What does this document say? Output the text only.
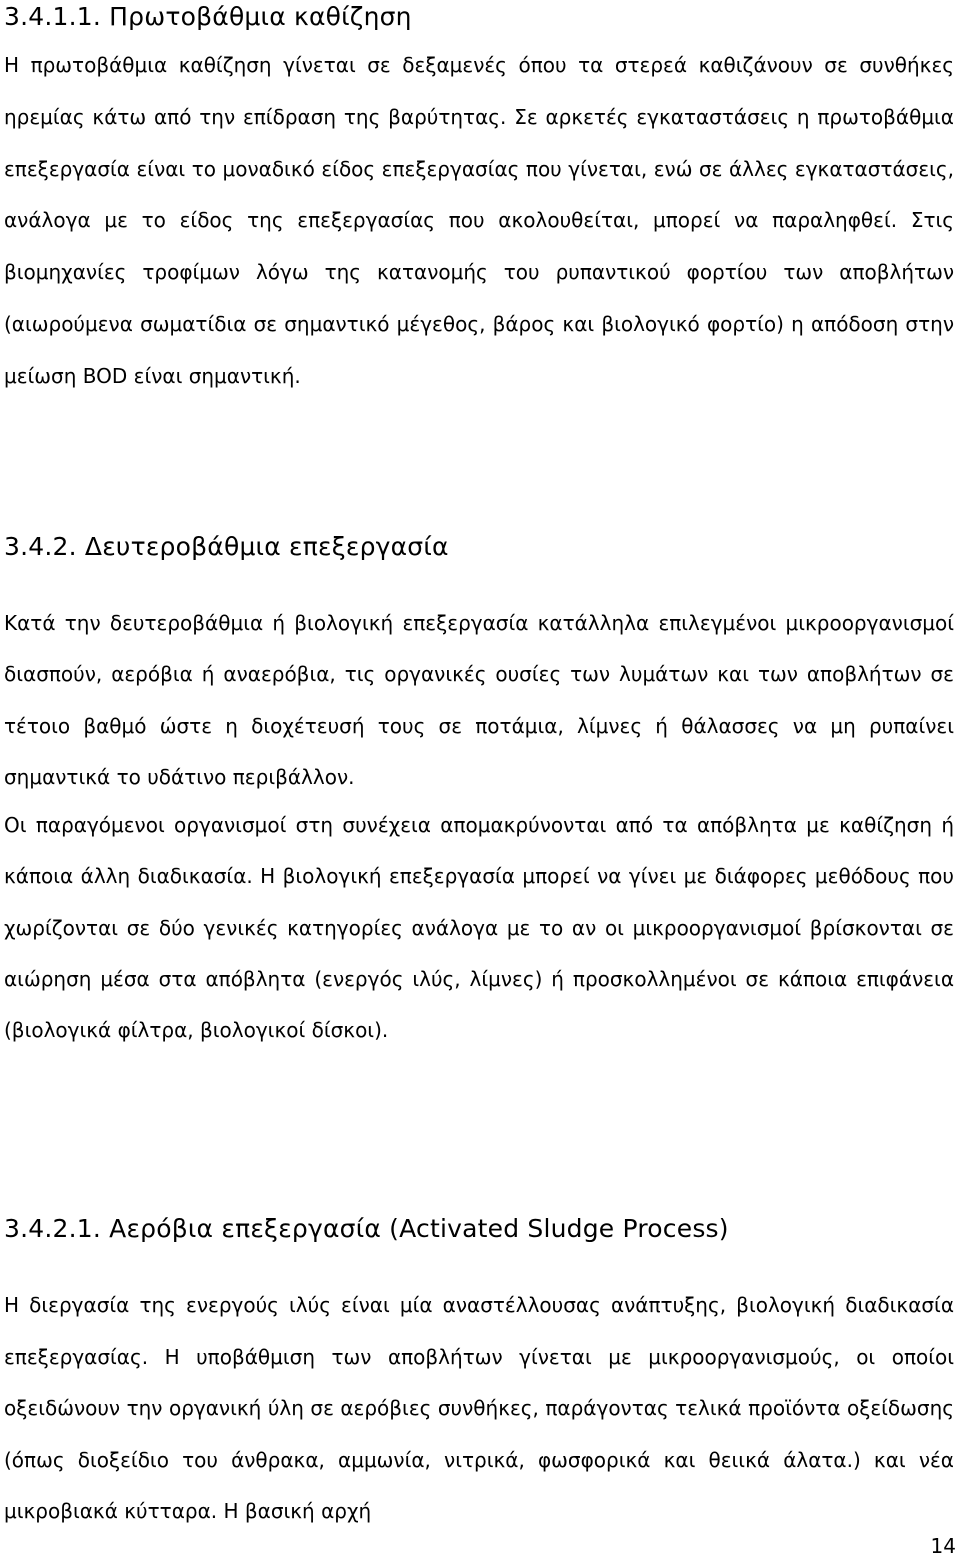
3.4.1.1. Πρωτοβάθμια καθίζηση

Η πρωτοβάθμια καθίζηση γίνεται σε δεξαμενές όπου τα στερεά καθιζάνουν σε συνθήκες ηρεμίας κάτω από την επίδραση της βαρύτητας. Σε αρκετές εγκαταστάσεις η πρωτοβάθμια επεξεργασία είναι το μοναδικό είδος επεξεργασίας που γίνεται, ενώ σε άλλες εγκαταστάσεις, ανάλογα με το είδος της επεξεργασίας που ακολουθείται, μπορεί να παραληφθεί. Στις βιομηχανίες τροφίμων λόγω της κατανομής του ρυπαντικού φορτίου των αποβλήτων (αιωρούμενα σωματίδια σε σημαντικό μέγεθος, βάρος και βιολογικό φορτίο) η απόδοση στην μείωση BOD είναι σημαντική.

3.4.2. Δευτεροβάθμια επεξεργασία

Κατά την δευτεροβάθμια ή βιολογική επεξεργασία κατάλληλα επιλεγμένοι μικροοργανισμοί διασπούν, αερόβια ή αναερόβια, τις οργανικές ουσίες των λυμάτων και των αποβλήτων σε τέτοιο βαθμό ώστε η διοχέτευσή τους σε ποτάμια, λίμνες ή θάλασσες να μη ρυπαίνει σημαντικά το υδάτινο περιβάλλον.

Οι παραγόμενοι οργανισμοί στη συνέχεια απομακρύνονται από τα απόβλητα με καθίζηση ή κάποια άλλη διαδικασία. Η βιολογική επεξεργασία μπορεί να γίνει με διάφορες μεθόδους που χωρίζονται σε δύο γενικές κατηγορίες ανάλογα με το αν οι μικροοργανισμοί βρίσκονται σε αιώρηση μέσα στα απόβλητα (ενεργός ιλύς, λίμνες) ή προσκολλημένοι σε κάποια επιφάνεια (βιολογικά φίλτρα, βιολογικοί δίσκοι).

3.4.2.1. Αερόβια επεξεργασία (Activated Sludge Process)

Η διεργασία της ενεργούς ιλύς είναι μία αναστέλλουσας ανάπτυξης, βιολογική διαδικασία επεξεργασίας. Η υποβάθμιση των αποβλήτων γίνεται με μικροοργανισμούς, οι οποίοι οξειδώνουν την οργανική ύλη σε αερόβιες συνθήκες, παράγοντας τελικά προϊόντα οξείδωσης (όπως διοξείδιο του άνθρακα, αμμωνία, νιτρικά, φωσφορικά και θειικά άλατα.) και νέα μικροβιακά κύτταρα. Η βασική αρχή

14
